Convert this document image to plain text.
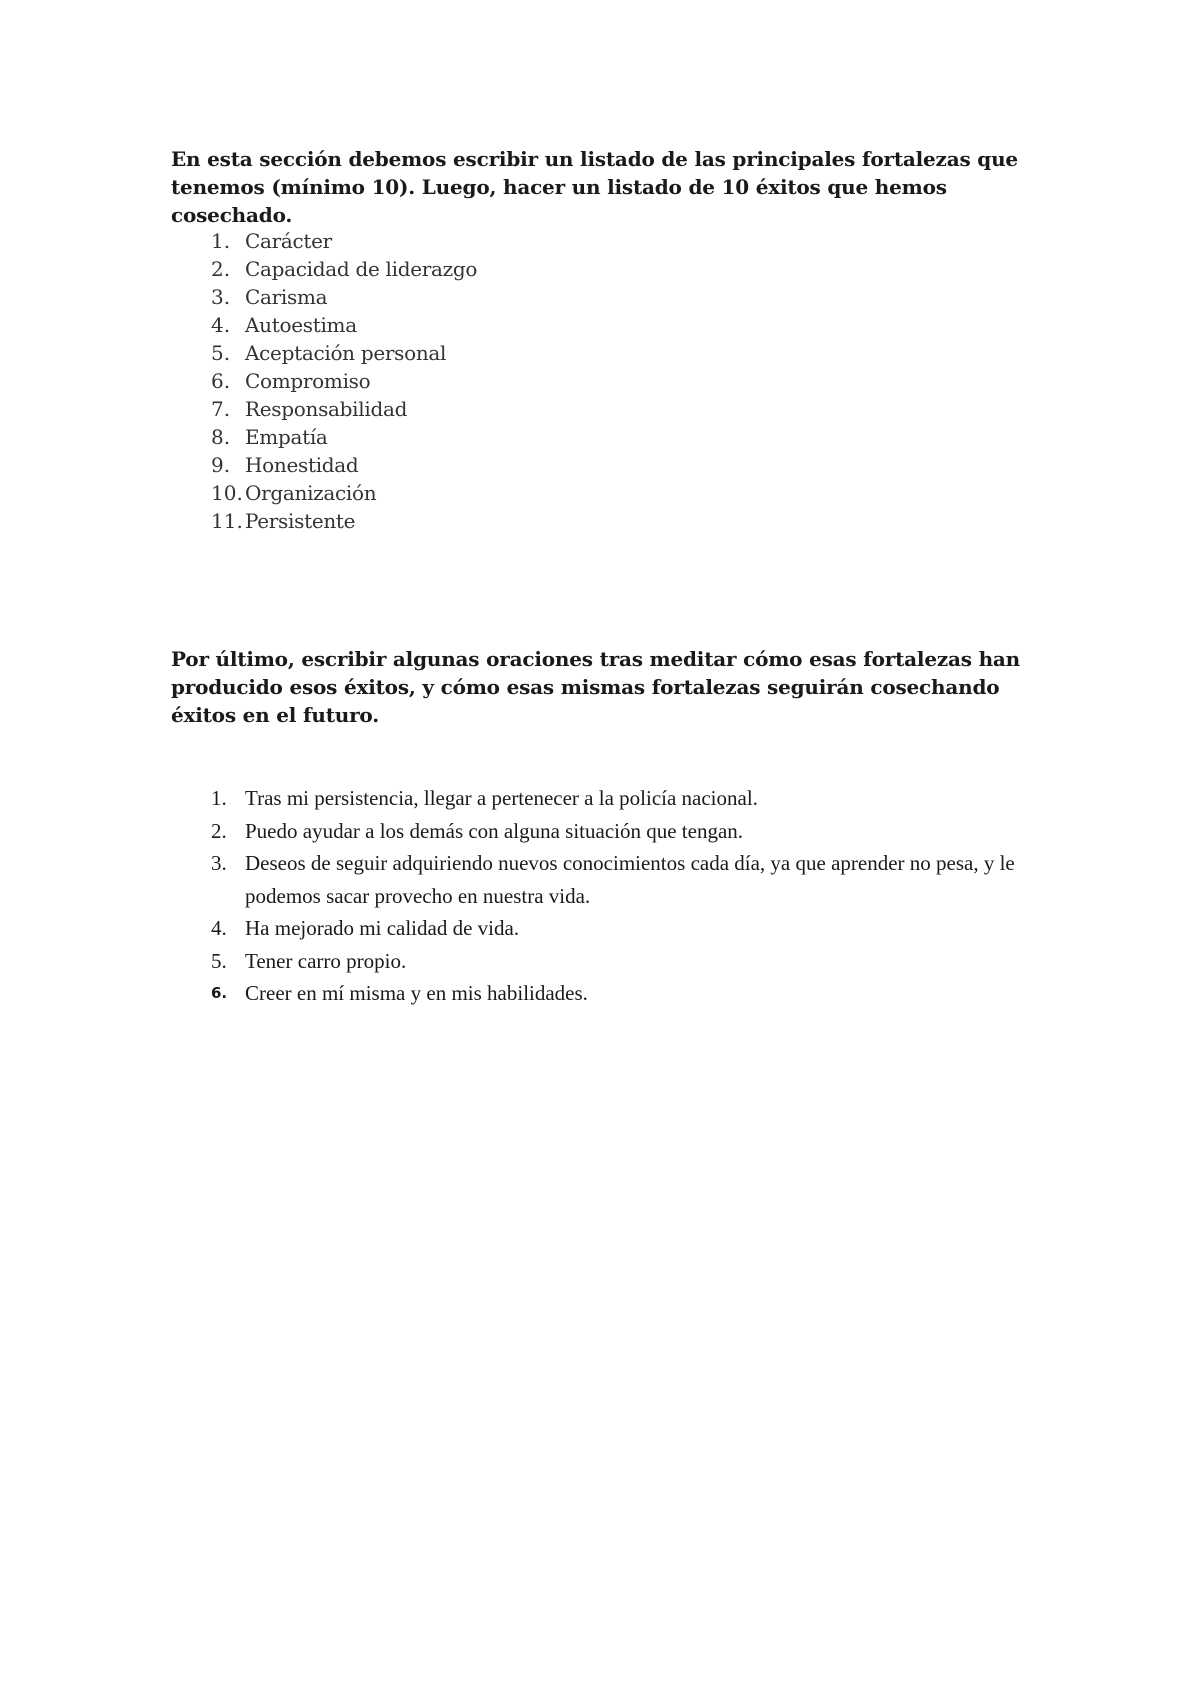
En esta sección debemos escribir un listado de las principales fortalezas que tenemos (mínimo 10). Luego, hacer un listado de 10 éxitos que hemos cosechado.

1. Carácter
2. Capacidad de liderazgo
3. Carisma
4. Autoestima
5. Aceptación personal
6. Compromiso
7. Responsabilidad
8. Empatía
9. Honestidad
10. Organización
11. Persistente

Por último, escribir algunas oraciones tras meditar cómo esas fortalezas han producido esos éxitos, y cómo esas mismas fortalezas seguirán cosechando éxitos en el futuro.

1. Tras mi persistencia, llegar a pertenecer a la policía nacional.
2. Puedo ayudar a los demás con alguna situación que tengan.
3. Deseos de seguir adquiriendo nuevos conocimientos cada día, ya que aprender no pesa, y le podemos sacar provecho en nuestra vida.
4. Ha mejorado mi calidad de vida.
5. Tener carro propio.
6. Creer en mí misma y en mis habilidades.
